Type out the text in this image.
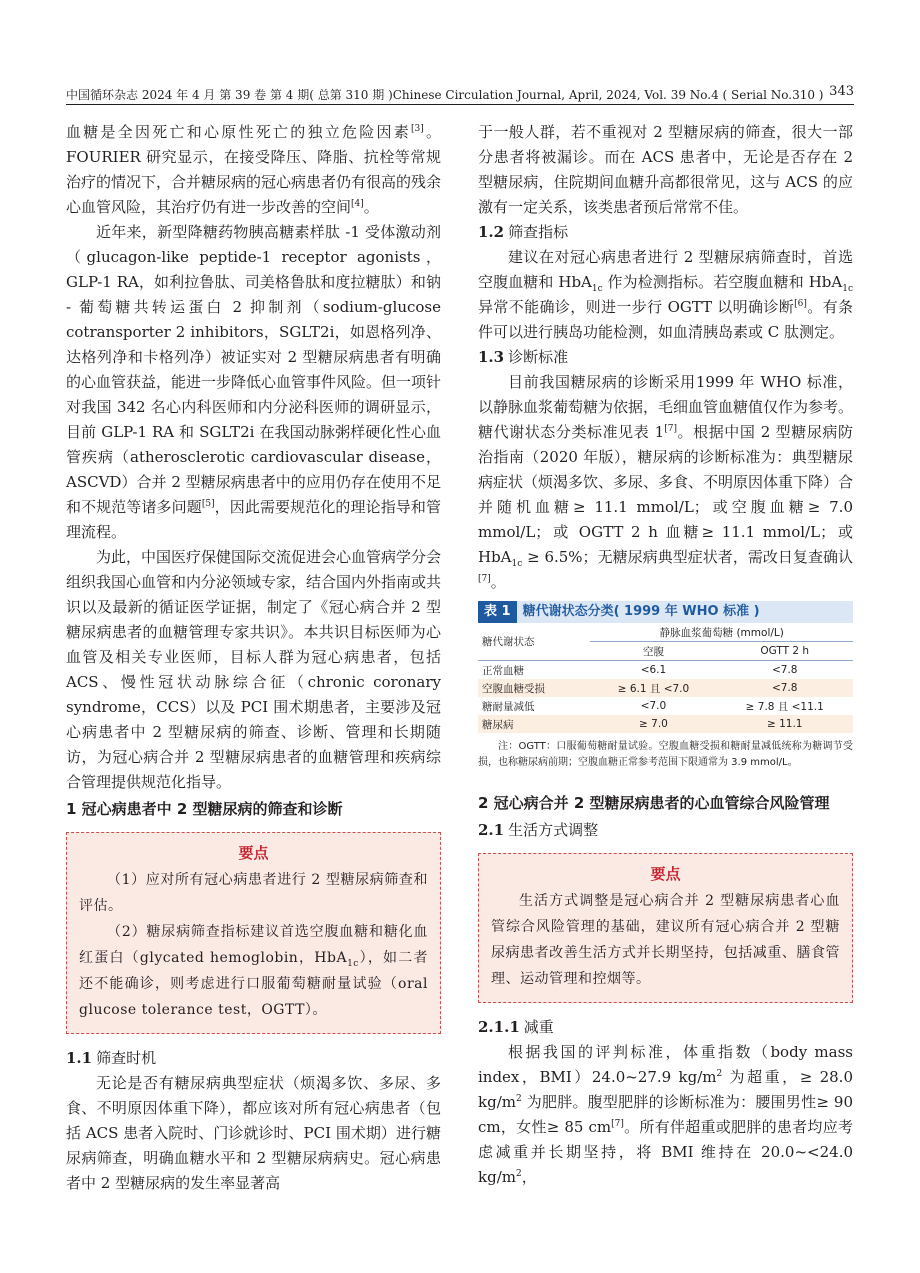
中国循环杂志 2024 年 4 月 第 39 卷 第 4 期( 总第 310 期 )Chinese Circulation Journal, April, 2024, Vol. 39 No.4 ( Serial No.310 ) 343

血糖是全因死亡和心原性死亡的独立危险因素[3]。FOURIER 研究显示，在接受降压、降脂、抗栓等常规治疗的情况下，合并糖尿病的冠心病患者仍有很高的残余心血管风险，其治疗仍有进一步改善的空间[4]。

近年来，新型降糖药物胰高糖素样肽 -1 受体激动剂（glucagon-like peptide-1 receptor agonists，GLP-1 RA，如利拉鲁肽、司美格鲁肽和度拉糖肽）和钠 - 葡萄糖共转运蛋白 2 抑制剂（sodium-glucose cotransporter 2 inhibitors，SGLT2i，如恩格列净、达格列净和卡格列净）被证实对 2 型糖尿病患者有明确的心血管获益，能进一步降低心血管事件风险。但一项针对我国 342 名心内科医师和内分泌科医师的调研显示，目前 GLP-1 RA 和 SGLT2i 在我国动脉粥样硬化性心血管疾病（atherosclerotic cardiovascular disease，ASCVD）合并 2 型糖尿病患者中的应用仍存在使用不足和不规范等诸多问题[5]，因此需要规范化的理论指导和管理流程。

为此，中国医疗保健国际交流促进会心血管病学分会组织我国心血管和内分泌领域专家，结合国内外指南或共识以及最新的循证医学证据，制定了《冠心病合并 2 型糖尿病患者的血糖管理专家共识》。本共识目标医师为心血管及相关专业医师，目标人群为冠心病患者，包括 ACS、慢性冠状动脉综合征（chronic coronary syndrome，CCS）以及 PCI 围术期患者，主要涉及冠心病患者中 2 型糖尿病的筛查、诊断、管理和长期随访，为冠心病合并 2 型糖尿病患者的血糖管理和疾病综合管理提供规范化指导。

1 冠心病患者中 2 型糖尿病的筛查和诊断
要点

（1）应对所有冠心病患者进行 2 型糖尿病筛查和评估。

（2）糖尿病筛查指标建议首选空腹血糖和糖化血红蛋白（glycated hemoglobin，HbA$_{1c}$），如二者还不能确诊，则考虑进行口服葡萄糖耐量试验（oral glucose tolerance test，OGTT）。

1.1 筛查时机

无论是否有糖尿病典型症状（烦渴多饮、多尿、多食、不明原因体重下降），都应该对所有冠心病患者（包括 ACS 患者入院时、门诊就诊时、PCI 围术期）进行糖尿病筛查，明确血糖水平和 2 型糖尿病病史。冠心病患者中 2 型糖尿病的发生率显著高

于一般人群，若不重视对 2 型糖尿病的筛查，很大一部分患者将被漏诊。而在 ACS 患者中，无论是否存在 2 型糖尿病，住院期间血糖升高都很常见，这与 ACS 的应激有一定关系，该类患者预后常常不佳。

1.2 筛查指标

建议在对冠心病患者进行 2 型糖尿病筛查时，首选空腹血糖和 HbA$_{1c}$ 作为检测指标。若空腹血糖和 HbA$_{1c}$ 异常不能确诊，则进一步行 OGTT 以明确诊断[6]。有条件可以进行胰岛功能检测，如血清胰岛素或 C 肽测定。

1.3 诊断标准

目前我国糖尿病的诊断采用1999 年 WHO 标准，以静脉血浆葡萄糖为依据，毛细血管血糖值仅作为参考。糖代谢状态分类标准见表 1[7]。根据中国 2 型糖尿病防治指南（2020 年版），糖尿病的诊断标准为：典型糖尿病症状（烦渴多饮、多尿、多食、不明原因体重下降）合并随机血糖≥ 11.1 mmol/L；或空腹血糖≥ 7.0 mmol/L；或 OGTT 2 h 血糖≥ 11.1 mmol/L；或 HbA$_{1c}$ ≥ 6.5%；无糖尿病典型症状者，需改日复查确认[7]。

表 1 糖代谢状态分类( 1999 年 WHO 标准 )
糖代谢状态	静脉血浆葡萄糖 (mmol/L)	
	空腹	OGTT 2 h
正常血糖	<6.1	<7.8
空腹血糖受损	≥ 6.1 且 <7.0	<7.8
糖耐量减低	<7.0	≥ 7.8 且 <11.1
糖尿病	≥ 7.0	≥ 11.1
注：OGTT：口服葡萄糖耐量试验。空腹血糖受损和糖耐量减低统称为糖调节受损，也称糖尿病前期；空腹血糖正常参考范围下限通常为 3.9 mmol/L。
2 冠心病合并 2 型糖尿病患者的心血管综合风险管理
2.1 生活方式调整
要点

生活方式调整是冠心病合并 2 型糖尿病患者心血管综合风险管理的基础，建议所有冠心病合并 2 型糖尿病患者改善生活方式并长期坚持，包括减重、膳食管理、运动管理和控烟等。

2.1.1 减重

根据我国的评判标准，体重指数（body mass index，BMI）24.0~27.9 $kg/m^2$ 为超重，≥ 28.0 $kg/m^2$ 为肥胖。腹型肥胖的诊断标准为：腰围男性≥ 90 cm，女性≥ 85 cm[7]。所有伴超重或肥胖的患者均应考虑减重并长期坚持，将 BMI 维持在 20.0~<24.0 $kg/m^2$，
